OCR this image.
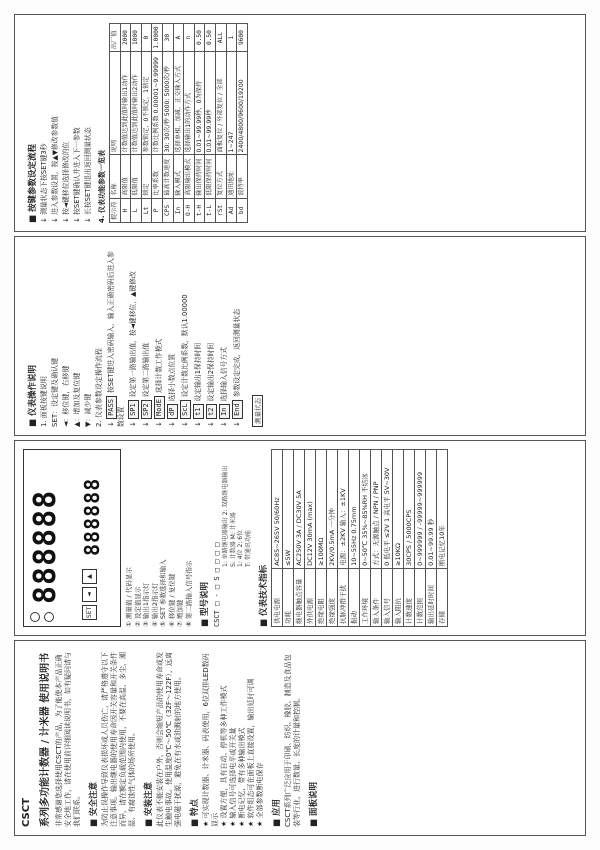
CSCT 系列多功能计数器 / 计米器 使用说明书 非常感谢您选择使用CSCT的产品，为了能使本产品正确安全地工作，请在使用前详细阅读说明书，如有疑问请与我们联系。 ■ 安全注意 为防止误操作导致仪表损坏或人员伤亡，请严格遵守以下注意事项。输出继电器的使用寿命因开关容量和开关条件而异，请在额定负载范围内使用，不要在高温、多尘、潮湿、有腐蚀性气体的场所使用。 ■ 安装注意 此仪表不能安装在户外，否则会缩短产品的使用寿命或发生触电事故。使用温度0℃～50℃（32F～122F），远离强电磁干扰源，避免在有水或油溅射的地方使用。 ■ 特点 ★ 可实现计数器、计米器、码表使用，6位双排LED数码显示

★ 设置方便，具有自动、停机等多种工作模式 ★ 输入信号可选择电平或开关量 ★ 断电记忆，带有多种输出模式 ★ 软件组态可在面板上直接设置，输出延时可调 ★ 全部参数断电保存 ■ 应用 CSCT系列广泛应用于印刷、纺织、橡胶、制造及食品包装等行业，进行数量、长度的计量和控制。 ■ 面板说明
888888 888888
SET
◄
▲	① 测量值 / 代码显示 ② 设定值显示 ③ 输出1指示灯 ④ 输出2指示灯 ⑤ SET 参数选择和输入 ⑥ 移位键 / 复位键 ⑦ 增加键 ⑧ 第二路输入信号指示 ■ 型号说明 CSCT □ - □ S □ □ □ □

1: 单路继电器输出 2: 双路继电器输出 S: 计数器 M: 计米器 1: 4位 2: 6位 T: 带通讯功能

■ 仪表技术指标 供电电源	AC85~265V 50/60Hz
功耗	≤5W
继电器触点容量	AC250V 3A / DC30V 5A
外供电源	DC12V 30mA (max)
绝缘电阻	≥100MΩ
绝缘强度	2KV/0.5mA 一分钟
抗脉冲群干扰	电源：±2KV 输入：±1KV
振动	10~55Hz 0.75mm
工作环境	0~50℃ 35%~85%RH 不结冰
输入条件	方式：无源触点 / NPN / PNP
输入信号	0 低电平 ≤2V 1 高电平 5V~30V
输入阻抗	≥10KΩ
计数速度	30CPS / 5000CPS
计数范围	0~999999 / -99999~999999
输出延时时间	0.01~99.99 秒
存储	断电记忆10年
■ 仪表操作说明 1. 面板按键说明 SET：设定键及确认键 ◄：移位键，右移键 ▲：增加及复位键 ▼：减少键 2. 仪表参数设定操作流程 ↓ PASS按SET键进入密码输入，输入正确密码后进入参数设置 ↓ SP1设定第一路输出值，按◄键移位，▲键修改

↓ SP2设定第二路输出值

↓ ModE选择计数工作模式

↓ dP选择小数点位置

↓ ScL设定计数比例系数，默认1.00000

↓ t1设定输出1保持时间

↓ t2设定输出2保持时间

↓ In选择输入信号方式

↓ End参数设定完成，返回测量状态

测量状态
■ 按键参数设定流程

↓ 测量状态下按SET键3秒

↓ 进入参数设置，按▲▼修改参数值

↓ 按◄键移位选择修改的位

↓ 按SET键确认并进入下一参数

↓ 长按SET键退出返回测量状态 4. 仪表功能参数一览表 提示符	名称	说明	出厂值
H	高限值	计数值达到此值时输出1动作	2000
L	低限值	计数值达到此值时输出2动作	1000
Lt	锁定	参数锁定，0不锁定，1锁定	0
P	比率系数	计数比例系数 0.00001~9.99999	1.0000
CPS	最高计数速度	30: 30次/秒 5000: 5000次/秒	30
In	输入模式	选择单相、加减、正交输入方式	A
O-H	高限输出模式	选择输出1的动作方式	n
t-H	输出保持时间	0.01~99.99秒，0为保持	0.50
t-L	低限保持时间	0.01~99.99秒	0.50
rSt	复位方式	面板复位 / 外部复位 / 全部	ALL
Ad	通讯地址	1~247	1
bd	波特率	2400/4800/9600/19200	9600
